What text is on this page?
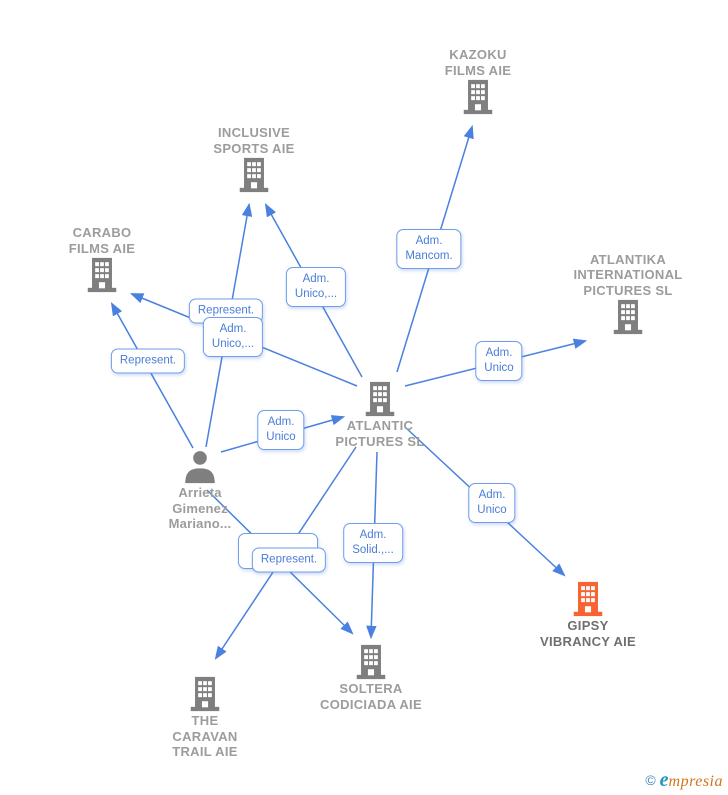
Represent.
Adm.
Unico,...
Adm.
Mancom.
Adm.
Unico,...
Represent.
Adm.
Unico
Adm.
Unico
Adm.
Unico
Represent.
Adm.
Solid.,...
KAZOKU
FILMS AIE
INCLUSIVE
SPORTS AIE
CARABO
FILMS AIE
ATLANTIKA
INTERNATIONAL
PICTURES SL
ATLANTIC
PICTURES SL
Arrieta
Gimenez
Mariano...
GIPSY
VIBRANCY AIE
SOLTERA
CODICIADA AIE
THE
CARAVAN
TRAIL AIE
© empresia
